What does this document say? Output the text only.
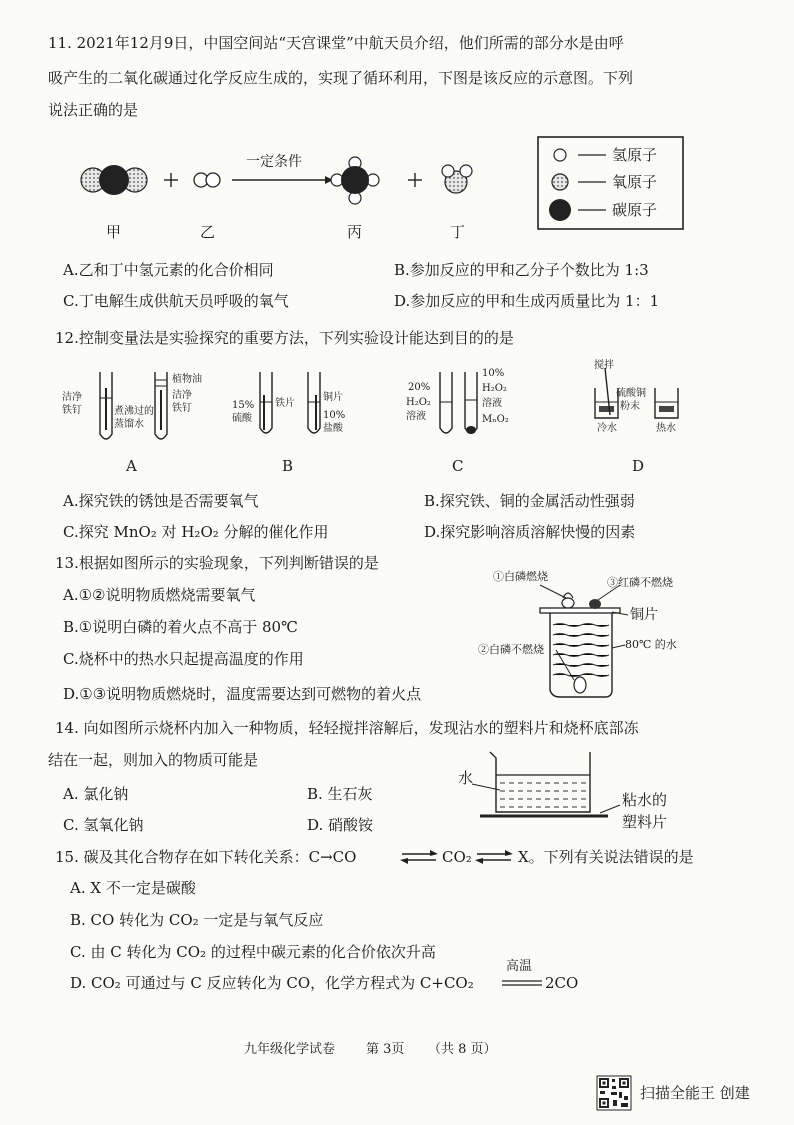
11. 2021年12月9日，中国空间站“天宫课堂”中航天员介绍，他们所需的部分水是由呼
吸产生的二氧化碳通过化学反应生成的，实现了循环利用，下图是该反应的示意图。下列
说法正确的是
一定条件
甲	乙	丙	丁
氢原子
氧原子
碳原子
A.乙和丁中氢元素的化合价相同	B.参加反应的甲和乙分子个数比为 1:3
C.丁电解生成供航天员呼吸的氧气	D.参加反应的甲和生成丙质量比为 1：1
12.控制变量法是实验探究的重要方法，下列实验设计能达到目的的是
洁净
铁钉	煮沸过的
蒸馏水
植物油
洁净
铁钉	15%
硫酸
铁片
铜片
10%
盐酸
20%
H₂O₂
溶液
10%
H₂O₂
溶液
MₙO₂
搅拌
硫酸铜
粉末
冷水	热水
A	B	C	D
A.探究铁的锈蚀是否需要氧气	B.探究铁、铜的金属活动性强弱
C.探究 MnO₂ 对 H₂O₂ 分解的催化作用	D.探究影响溶质溶解快慢的因素
13.根据如图所示的实验现象，下列判断错误的是
A.①②说明物质燃烧需要氧气
B.①说明白磷的着火点不高于 80℃
C.烧杯中的热水只起提高温度的作用
D.①③说明物质燃烧时，温度需要达到可燃物的着火点
①白磷燃烧	③红磷不燃烧
铜片
②白磷不燃烧	80℃ 的水
14. 向如图所示烧杯内加入一种物质，轻轻搅拌溶解后，发现沾水的塑料片和烧杯底部冻
结在一起，则加入的物质可能是
A. 氯化钠	B. 生石灰
C. 氢氧化钠	D. 硝酸铵
水
粘水的
塑料片
15. 碳及其化合物存在如下转化关系：C→CO	⇌ CO₂ ⇌ X。下列有关说法错误的是
A. X 不一定是碳酸
B. CO 转化为 CO₂ 一定是与氧气反应
C. 由 C 转化为 CO₂ 的过程中碳元素的化合价依次升高
D. CO₂ 可通过与 C 反应转化为 CO，化学方程式为 C+CO₂
高温
2CO
九年级化学试卷 第 3页 （共 8 页）
扫描全能王 创建
